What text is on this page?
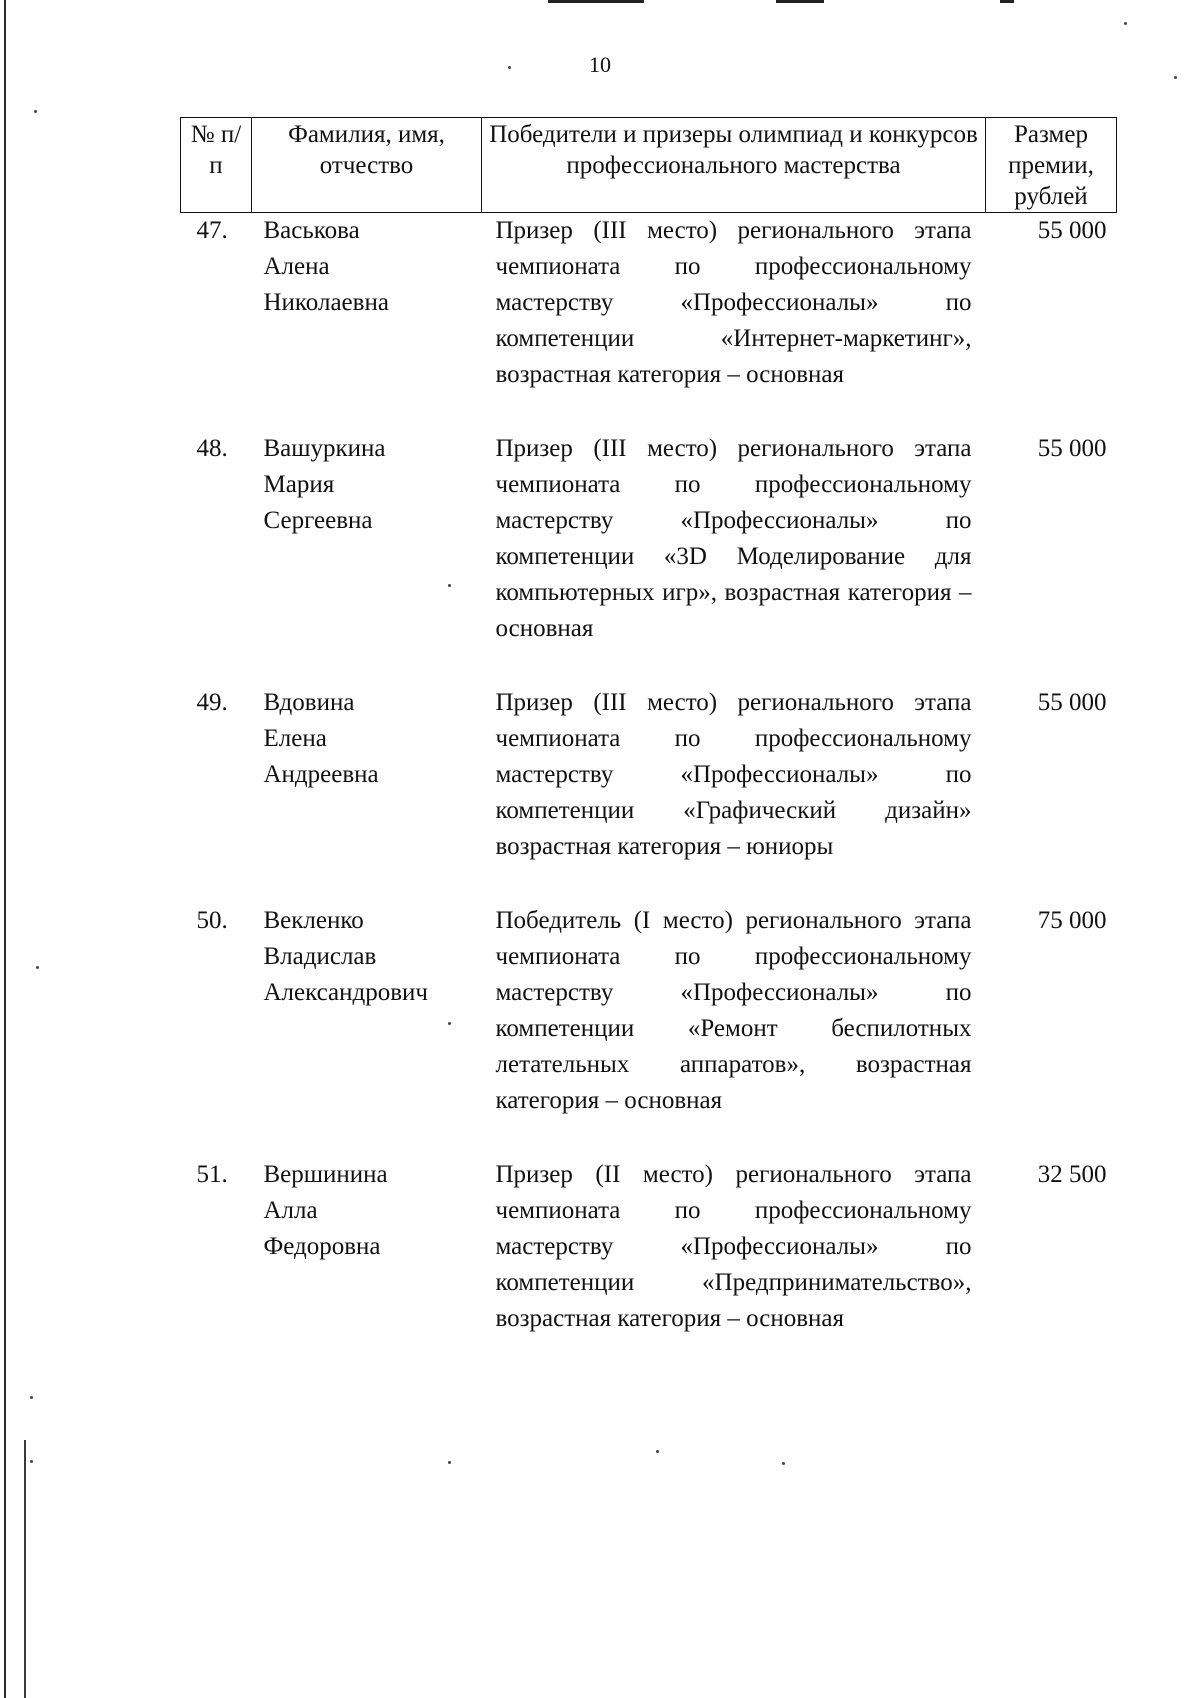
10
№ п/п	Фамилия, имя, отчество	Победители и призеры олимпиад и конкурсов профессионального мастерства	Размер премии, рублей
47.	Васькова
Алена
Николаевна	Призер (III место) регионального этапа чемпионата по профессиональному мастерству «Профессионалы» по компетенции «Интернет-маркетинг», возрастная категория – основная	55 000
48.	Вашуркина
Мария
Сергеевна	Призер (III место) регионального этапа чемпионата по профессиональному мастерству «Профессионалы» по компетенции «3D Моделирование для компьютерных игр», возрастная категория – основная	55 000
49.	Вдовина
Елена
Андреевна	Призер (III место) регионального этапа чемпионата по профессиональному мастерству «Профессионалы» по компетенции «Графический дизайн» возрастная категория – юниоры	55 000
50.	Векленко
Владислав
Александрович	Победитель (I место) регионального этапа чемпионата по профессиональному мастерству «Профессионалы» по компетенции «Ремонт беспилотных летательных аппаратов», возрастная категория – основная	75 000
51.	Вершинина
Алла
Федоровна	Призер (II место) регионального этапа чемпионата по профессиональному мастерству «Профессионалы» по компетенции «Предпринимательство», возрастная категория – основная	32 500
